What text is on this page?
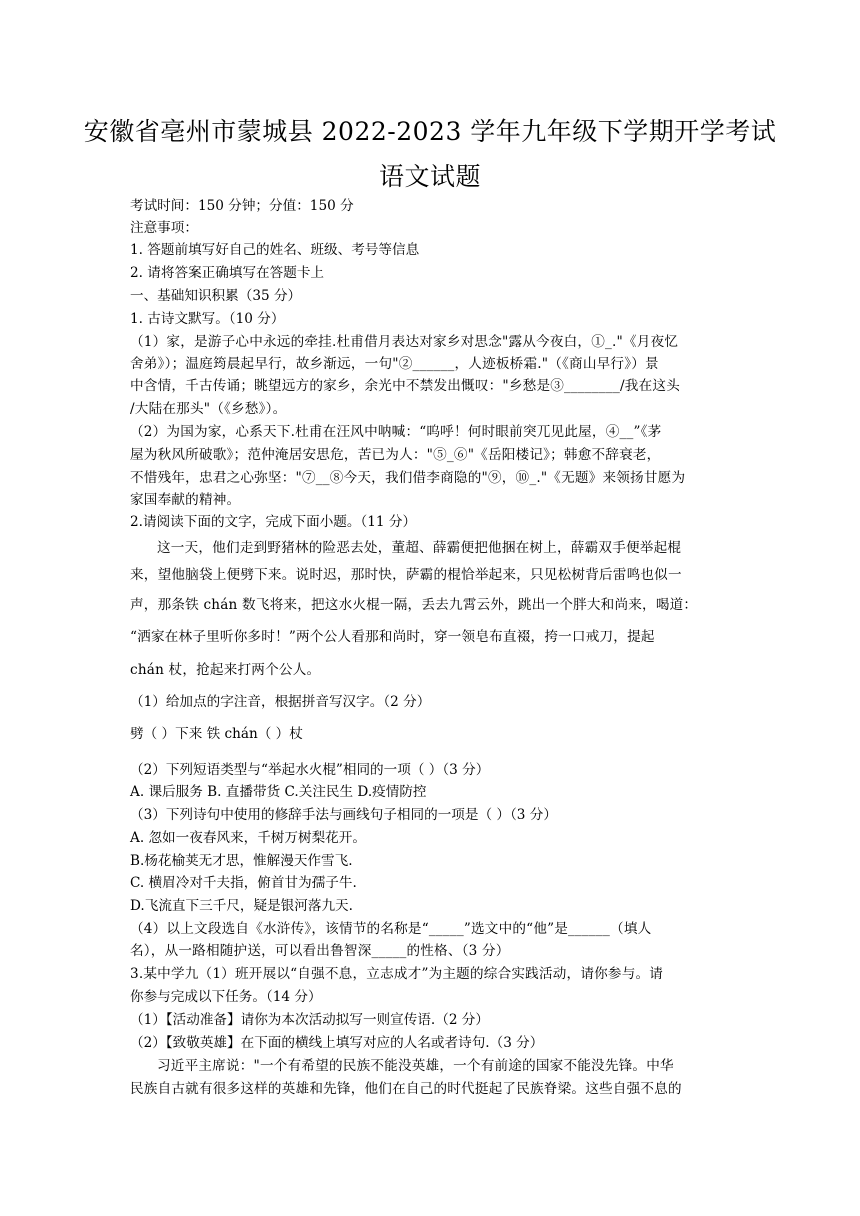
安徽省亳州市蒙城县 2022-2023 学年九年级下学期开学考试
语文试题
考试时间：150 分钟；分值：150 分
注意事项：
1. 答题前填写好自己的姓名、班级、考号等信息
2. 请将答案正确填写在答题卡上
一、基础知识积累（35 分）
1. 古诗文默写。（10 分）
（1）家，是游子心中永远的牵挂.杜甫借月表达对家乡对思念"露从今夜白，①_."《月夜忆
舍弟》）；温庭筠晨起早行，故乡渐远，一句"②______，人迹板桥霜."（《商山早行》）景
中含情，千古传诵；眺望远方的家乡，余光中不禁发出慨叹："乡愁是③________/我在这头
/大陆在那头"（《乡愁》）。
（2）为国为家，心系天下.杜甫在汪风中呐喊：“呜呼！何时眼前突兀见此屋，④__”《茅
屋为秋风所破歌》；范仲淹居安思危，苦已为人："⑤_⑥"《岳阳楼记》；韩愈不辞衰老，
不惜残年，忠君之心弥坚："⑦__⑧今天，我们借李商隐的"⑨，⑩_."《无题》来领扬甘愿为
家国奉献的精神。
2.请阅读下面的文字，完成下面小题。（11 分）
这一天，他们走到野猪林的险恶去处，董超、薛霸便把他捆在树上，薛霸双手便举起棍
来，望他脑袋上便劈下来。说时迟，那时快，萨霸的棍恰举起来，只见松树背后雷鸣也似一
声，那条铁 chán 数飞将来，把这水火棍一隔，丢去九霄云外，跳出一个胖大和尚来，喝道：
“洒家在林子里听你多时！”两个公人看那和尚时，穿一领皂布直裰，挎一口戒刀，提起
chán 杖，抢起来打两个公人。
（1）给加点的字注音，根据拼音写汉字。（2 分）
劈（ ）下来 铁 chán（ ）杖
（2）下列短语类型与“举起水火棍”相同的一项（ ）（3 分）
A. 课后服务 B. 直播带货 C.关注民生 D.疫情防控
（3）下列诗句中使用的修辞手法与画线句子相同的一项是（ ）（3 分）
A. 忽如一夜春风来，千树万树梨花开。
B.杨花榆荚无才思，惟解漫天作雪飞.
C. 横眉冷对千夫指，俯首甘为孺子牛.
D.飞流直下三千尺，疑是银河落九天.
（4）以上文段选自《水浒传》，该情节的名称是“_____”选文中的“他”是______（填人
名），从一路相随护送，可以看出鲁智深_____的性格、（3 分）
3.某中学九（1）班开展以“自强不息，立志成才”为主题的综合实践活动，请你参与。请
你参与完成以下任务。（14 分）
（1）【活动准备】请你为本次活动拟写一则宣传语.（2 分）
（2）【致敬英雄】在下面的横线上填写对应的人名或者诗句.（3 分）
习近平主席说："一个有希望的民族不能没英雄，一个有前途的国家不能没先锋。中华
民族自古就有很多这样的英雄和先锋，他们在自己的时代挺起了民族脊梁。这些自强不息的
